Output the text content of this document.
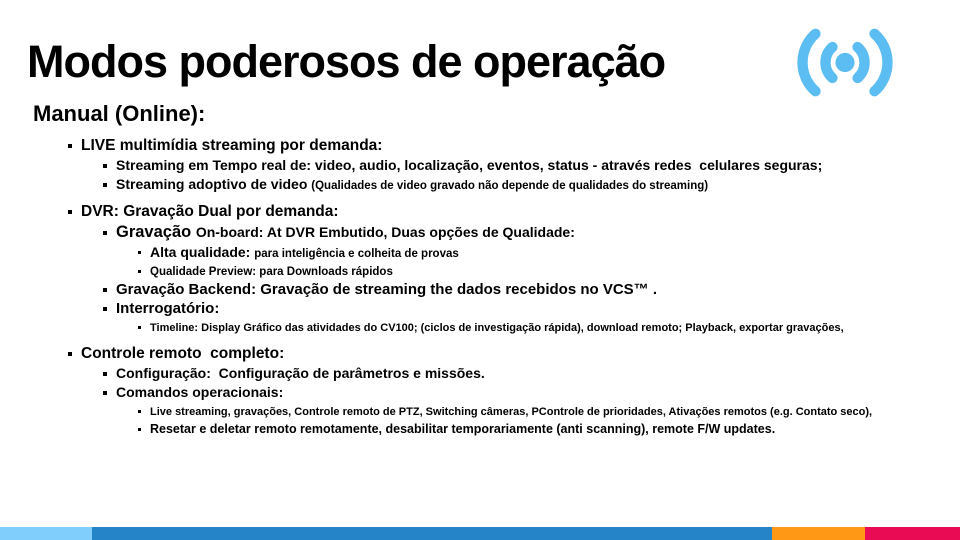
Modos poderosos de operação
Manual (Online):
LIVE multimídia streaming por demanda:
Streaming em Tempo real de: video, audio, localização, eventos, status - através redes  celulares seguras;
Streaming adoptivo de video (Qualidades de video gravado não depende de qualidades do streaming)
DVR: Gravação Dual por demanda:
Gravação On-board: At DVR Embutido, Duas opções de Qualidade:
Alta qualidade: para inteligência e colheita de provas
Qualidade Preview: para Downloads rápidos
Gravação Backend: Gravação de streaming the dados recebidos no VCS™ .
Interrogatório:
Timeline: Display Gráfico das atividades do CV100; (ciclos de investigação rápida), download remoto; Playback, exportar gravações,
Controle remoto  completo:
Configuração:  Configuração de parâmetros e missões.
Comandos operacionais:
Live streaming, gravações, Controle remoto de PTZ, Switching câmeras, PControle de prioridades, Ativações remotos (e.g. Contato seco),
Resetar e deletar remoto remotamente, desabilitar temporariamente (anti scanning), remote F/W updates.
